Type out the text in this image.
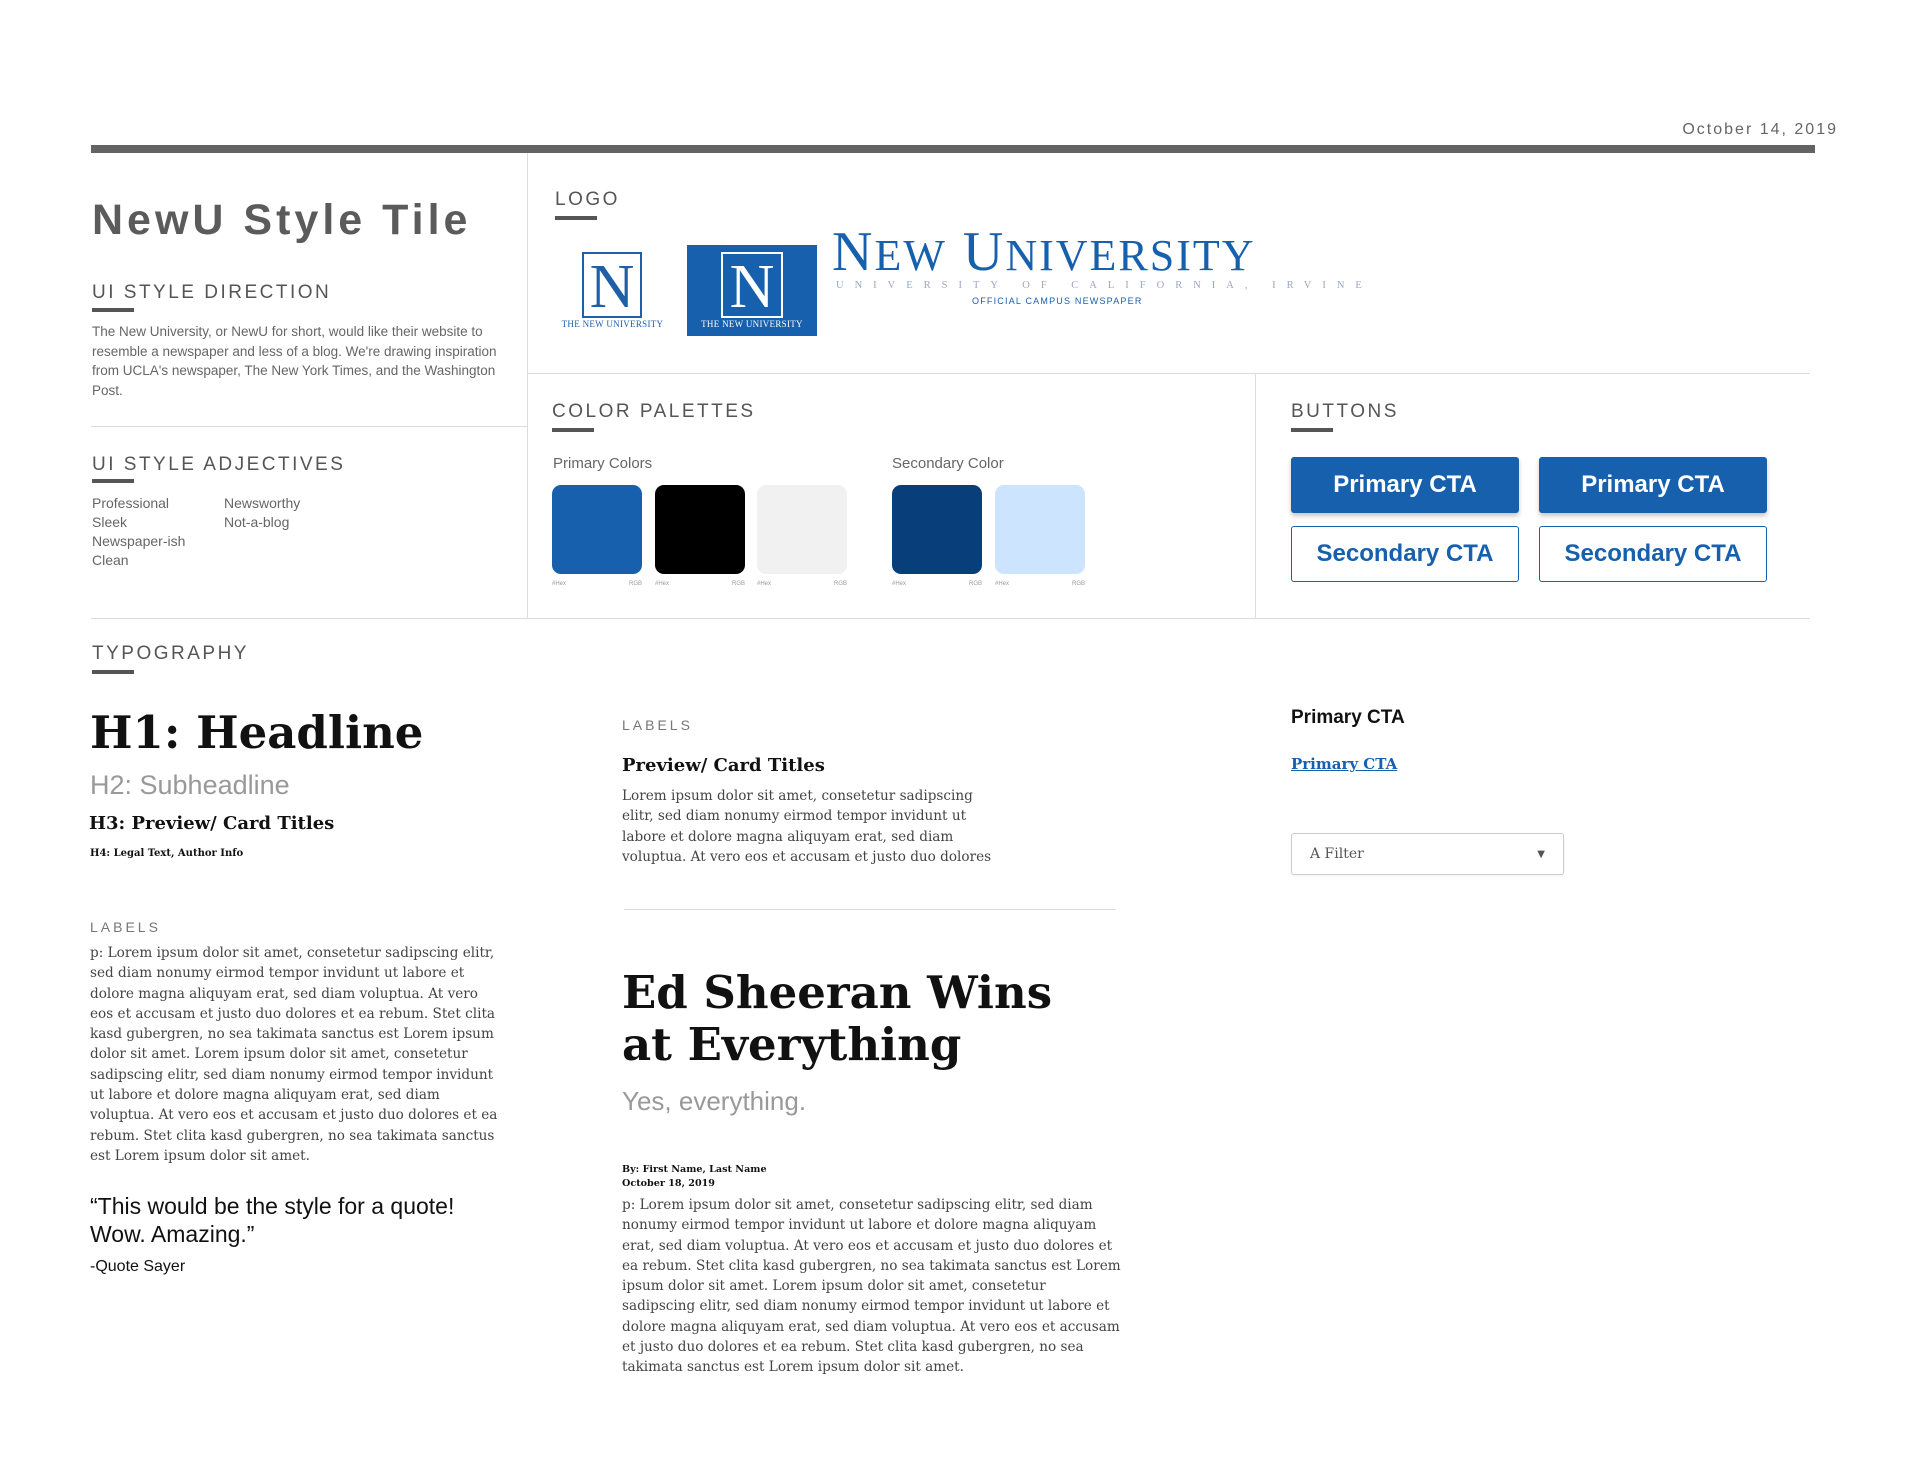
October 14, 2019
NewU Style Tile
UI STYLE DIRECTION
The New University, or NewU for short, would like their website to resemble a newspaper and less of a blog. We're drawing inspiration from UCLA's newspaper, The New York Times, and the Washington Post.
UI STYLE ADJECTIVES
Professional
Sleek
Newspaper-ish
Clean
Newsworthy
Not-a-blog
LOGO
N
THE NEW UNIVERSITY
N
THE NEW UNIVERSITY
NEW UNIVERSITY
UNIVERSITY OF CALIFORNIA, IRVINE
OFFICIAL CAMPUS NEWSPAPER
COLOR PALETTES
Primary Colors	Secondary Color
#Hex	RGB #Hex	RGB #Hex	RGB	#Hex	RGB #Hex	RGB
BUTTONS
Primary CTA	Primary CTA
Secondary CTA	Secondary CTA
TYPOGRAPHY
H1: Headline
H2: Subheadline
H3: Preview/ Card Titles
H4: Legal Text, Author Info
LABELS
p: Lorem ipsum dolor sit amet, consetetur sadipscing elitr, sed diam nonumy eirmod tempor invidunt ut labore et dolore magna aliquyam erat, sed diam voluptua. At vero eos et accusam et justo duo dolores et ea rebum. Stet clita kasd gubergren, no sea takimata sanctus est Lorem ipsum dolor sit amet. Lorem ipsum dolor sit amet, consetetur sadipscing elitr, sed diam nonumy eirmod tempor invidunt ut labore et dolore magna aliquyam erat, sed diam voluptua. At vero eos et accusam et justo duo dolores et ea rebum. Stet clita kasd gubergren, no sea takimata sanctus est Lorem ipsum dolor sit amet.
“This would be the style for a quote! Wow. Amazing.”
-Quote Sayer
LABELS
Preview/ Card Titles
Lorem ipsum dolor sit amet, consetetur sadipscing elitr, sed diam nonumy eirmod tempor invidunt ut labore et dolore magna aliquyam erat, sed diam voluptua. At vero eos et accusam et justo duo dolores
Ed Sheeran Wins at Everything
Yes, everything.
By: First Name, Last Name
October 18, 2019
p: Lorem ipsum dolor sit amet, consetetur sadipscing elitr, sed diam nonumy eirmod tempor invidunt ut labore et dolore magna aliquyam erat, sed diam voluptua. At vero eos et accusam et justo duo dolores et ea rebum. Stet clita kasd gubergren, no sea takimata sanctus est Lorem ipsum dolor sit amet. Lorem ipsum dolor sit amet, consetetur sadipscing elitr, sed diam nonumy eirmod tempor invidunt ut labore et dolore magna aliquyam erat, sed diam voluptua. At vero eos et accusam et justo duo dolores et ea rebum. Stet clita kasd gubergren, no sea takimata sanctus est Lorem ipsum dolor sit amet.
Primary CTA
Primary CTA
A Filter	▼
